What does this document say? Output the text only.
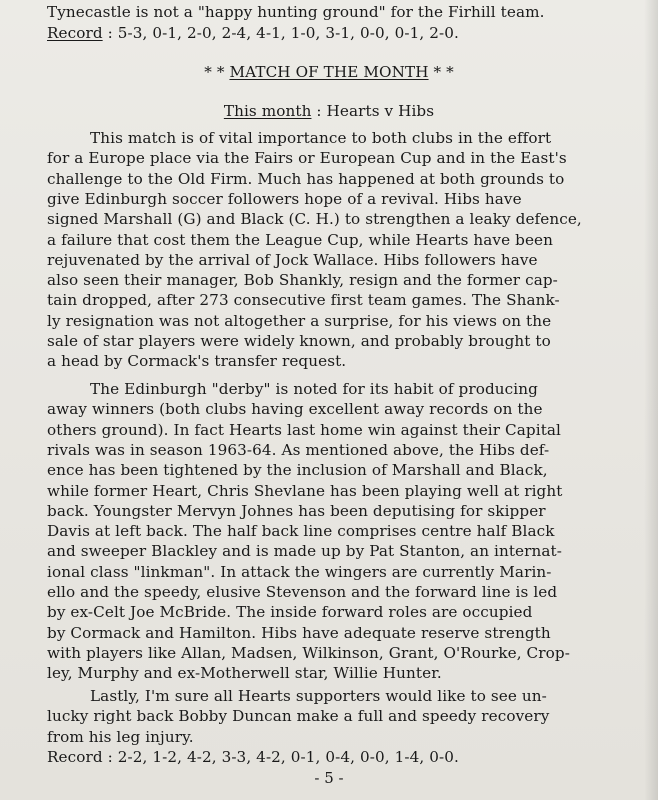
Tynecastle is not a "happy hunting ground" for the Firhill team.
Record : 5-3, 0-1, 2-0, 2-4, 4-1, 1-0, 3-1, 0-0, 0-1, 2-0.
* * MATCH OF THE MONTH * *
This month : Hearts v Hibs
This match is of vital importance to both clubs in the effort
for a Europe place via the Fairs or European Cup and in the East's
challenge to the Old Firm. Much has happened at both grounds to
give Edinburgh soccer followers hope of a revival. Hibs have
signed Marshall (G) and Black (C. H.) to strengthen a leaky defence,
a failure that cost them the League Cup, while Hearts have been
rejuvenated by the arrival of Jock Wallace. Hibs followers have
also seen their manager, Bob Shankly, resign and the former cap-
tain dropped, after 273 consecutive first team games. The Shank-
ly resignation was not altogether a surprise, for his views on the
sale of star players were widely known, and probably brought to
a head by Cormack's transfer request.
The Edinburgh "derby" is noted for its habit of producing
away winners (both clubs having excellent away records on the
others ground). In fact Hearts last home win against their Capital
rivals was in season 1963-64. As mentioned above, the Hibs def-
ence has been tightened by the inclusion of Marshall and Black,
while former Heart, Chris Shevlane has been playing well at right
back. Youngster Mervyn Johnes has been deputising for skipper
Davis at left back. The half back line comprises centre half Black
and sweeper Blackley and is made up by Pat Stanton, an internat-
ional class "linkman". In attack the wingers are currently Marin-
ello and the speedy, elusive Stevenson and the forward line is led
by ex-Celt Joe McBride. The inside forward roles are occupied
by Cormack and Hamilton. Hibs have adequate reserve strength
with players like Allan, Madsen, Wilkinson, Grant, O'Rourke, Crop-
ley, Murphy and ex-Motherwell star, Willie Hunter.
Lastly, I'm sure all Hearts supporters would like to see un-
lucky right back Bobby Duncan make a full and speedy recovery
from his leg injury.
Record : 2-2, 1-2, 4-2, 3-3, 4-2, 0-1, 0-4, 0-0, 1-4, 0-0.
- 5 -
